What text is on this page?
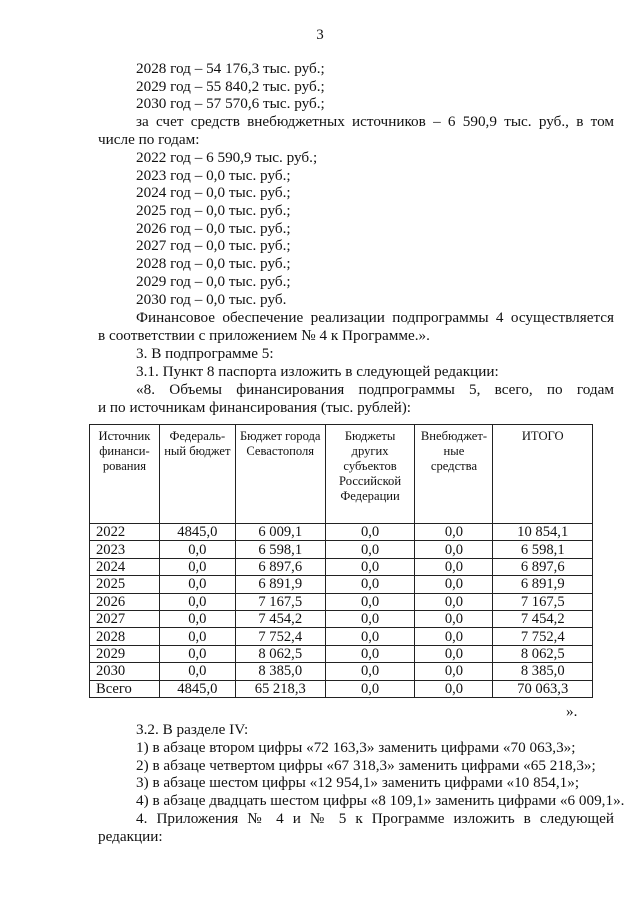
3
2028 год – 54 176,3 тыс. руб.;
2029 год – 55 840,2 тыс. руб.;
2030 год – 57 570,6 тыс. руб.;
за счет средств внебюджетных источников – 6 590,9 тыс. руб., в том
числе по годам:
2022 год – 6 590,9 тыс. руб.;
2023 год – 0,0 тыс. руб.;
2024 год – 0,0 тыс. руб.;
2025 год – 0,0 тыс. руб.;
2026 год – 0,0 тыс. руб.;
2027 год – 0,0 тыс. руб.;
2028 год – 0,0 тыс. руб.;
2029 год – 0,0 тыс. руб.;
2030 год – 0,0 тыс. руб.
Финансовое обеспечение реализации подпрограммы 4 осуществляется
в соответствии с приложением № 4 к Программе.».
3. В подпрограмме 5:
3.1. Пункт 8 паспорта изложить в следующей редакции:
«8. Объемы финансирования подпрограммы 5, всего, по годам
и по источникам финансирования (тыс. рублей):
Источник финанси-рования	Федераль-ный бюджет	Бюджет города Севастополя	Бюджеты других субъектов Российской Федерации	Внебюджет-ные средства	ИТОГО
2022	4845,0	6 009,1	0,0	0,0	10 854,1
2023	0,0	6 598,1	0,0	0,0	6 598,1
2024	0,0	6 897,6	0,0	0,0	6 897,6
2025	0,0	6 891,9	0,0	0,0	6 891,9
2026	0,0	7 167,5	0,0	0,0	7 167,5
2027	0,0	7 454,2	0,0	0,0	7 454,2
2028	0,0	7 752,4	0,0	0,0	7 752,4
2029	0,0	8 062,5	0,0	0,0	8 062,5
2030	0,0	8 385,0	0,0	0,0	8 385,0
Всего	4845,0	65 218,3	0,0	0,0	70 063,3
».
3.2. В разделе IV:
1) в абзаце втором цифры «72 163,3» заменить цифрами «70 063,3»;
2) в абзаце четвертом цифры «67 318,3» заменить цифрами «65 218,3»;
3) в абзаце шестом цифры «12 954,1» заменить цифрами «10 854,1»;
4) в абзаце двадцать шестом цифры «8 109,1» заменить цифрами «6 009,1».
4. Приложения № 4 и № 5 к Программе изложить в следующей
редакции:
